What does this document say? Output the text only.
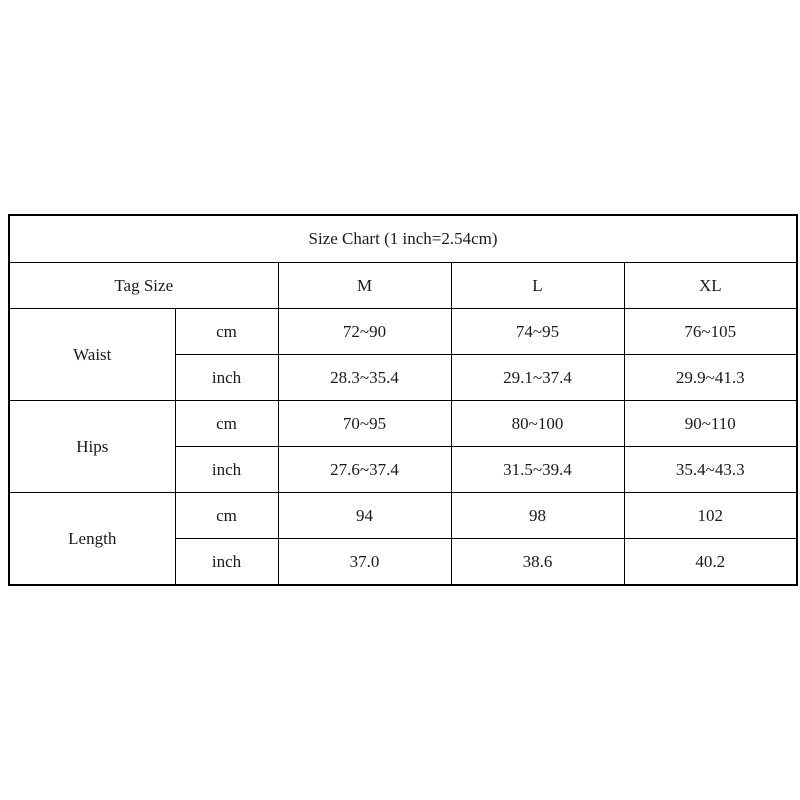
Size Chart (1 inch=2.54cm)				
Tag Size		M	L	XL
Waist	cm	72~90	74~95	76~105
	inch	28.3~35.4	29.1~37.4	29.9~41.3
Hips	cm	70~95	80~100	90~110
	inch	27.6~37.4	31.5~39.4	35.4~43.3
Length	cm	94	98	102
	inch	37.0	38.6	40.2
